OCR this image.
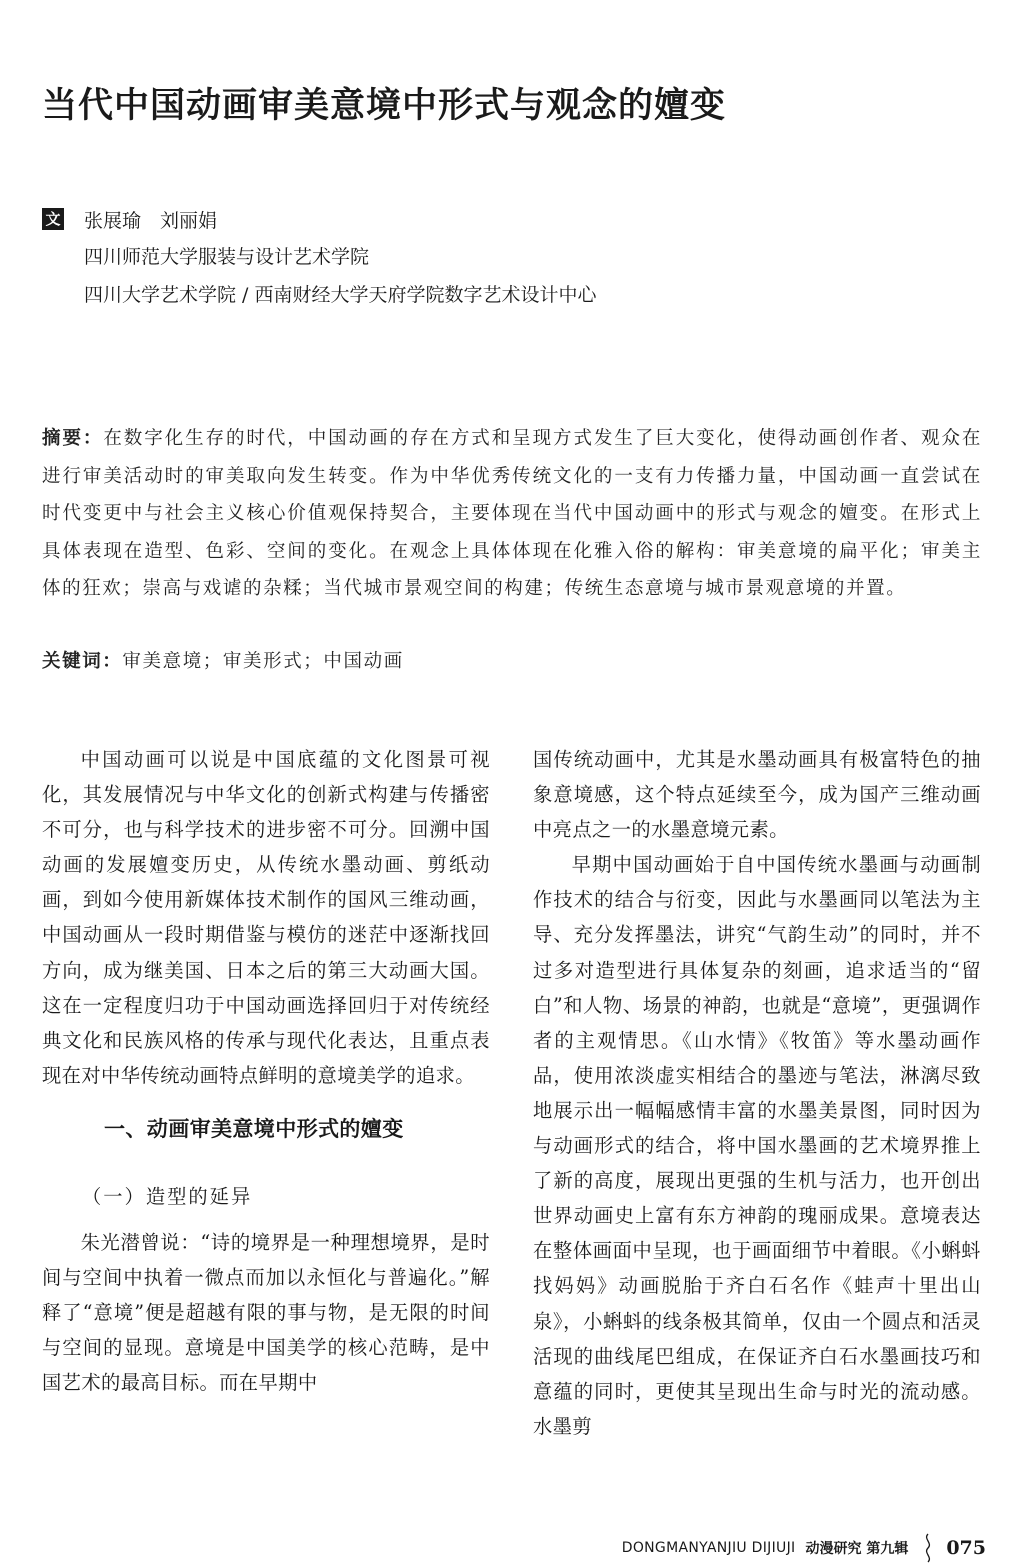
当代中国动画审美意境中形式与观念的嬗变
文 张展瑜　刘丽娟
四川师范大学服装与设计艺术学院
四川大学艺术学院 / 西南财经大学天府学院数字艺术设计中心

摘要：在数字化生存的时代，中国动画的存在方式和呈现方式发生了巨大变化，使得动画创作者、观众在进行审美活动时的审美取向发生转变。作为中华优秀传统文化的一支有力传播力量，中国动画一直尝试在时代变更中与社会主义核心价值观保持契合，主要体现在当代中国动画中的形式与观念的嬗变。在形式上具体表现在造型、色彩、空间的变化。在观念上具体体现在化雅入俗的解构：审美意境的扁平化；审美主体的狂欢；崇高与戏谑的杂糅；当代城市景观空间的构建；传统生态意境与城市景观意境的并置。

关键词：审美意境；审美形式；中国动画

中国动画可以说是中国底蕴的文化图景可视化，其发展情况与中华文化的创新式构建与传播密不可分，也与科学技术的进步密不可分。回溯中国动画的发展嬗变历史，从传统水墨动画、剪纸动画，到如今使用新媒体技术制作的国风三维动画，中国动画从一段时期借鉴与模仿的迷茫中逐渐找回方向，成为继美国、日本之后的第三大动画大国。这在一定程度归功于中国动画选择回归于对传统经典文化和民族风格的传承与现代化表达，且重点表现在对中华传统动画特点鲜明的意境美学的追求。

一、动画审美意境中形式的嬗变

（一）造型的延异

朱光潜曾说：“诗的境界是一种理想境界，是时间与空间中执着一微点而加以永恒化与普遍化。”解释了“意境”便是超越有限的事与物，是无限的时间与空间的显现。意境是中国美学的核心范畴，是中国艺术的最高目标。而在早期中

国传统动画中，尤其是水墨动画具有极富特色的抽象意境感，这个特点延续至今，成为国产三维动画中亮点之一的水墨意境元素。

早期中国动画始于自中国传统水墨画与动画制作技术的结合与衍变，因此与水墨画同以笔法为主导、充分发挥墨法，讲究“气韵生动”的同时，并不过多对造型进行具体复杂的刻画，追求适当的“留白”和人物、场景的神韵，也就是“意境”，更强调作者的主观情思。《山水情》《牧笛》等水墨动画作品，使用浓淡虚实相结合的墨迹与笔法，淋漓尽致地展示出一幅幅感情丰富的水墨美景图，同时因为与动画形式的结合，将中国水墨画的艺术境界推上了新的高度，展现出更强的生机与活力，也开创出世界动画史上富有东方神韵的瑰丽成果。意境表达在整体画面中呈现，也于画面细节中着眼。《小蝌蚪找妈妈》动画脱胎于齐白石名作《蛙声十里出山泉》，小蝌蚪的线条极其简单，仅由一个圆点和活灵活现的曲线尾巴组成，在保证齐白石水墨画技巧和意蕴的同时，更使其呈现出生命与时光的流动感。水墨剪

DONGMANYANJIU DIJIUJI 动漫研究 第九辑 075
